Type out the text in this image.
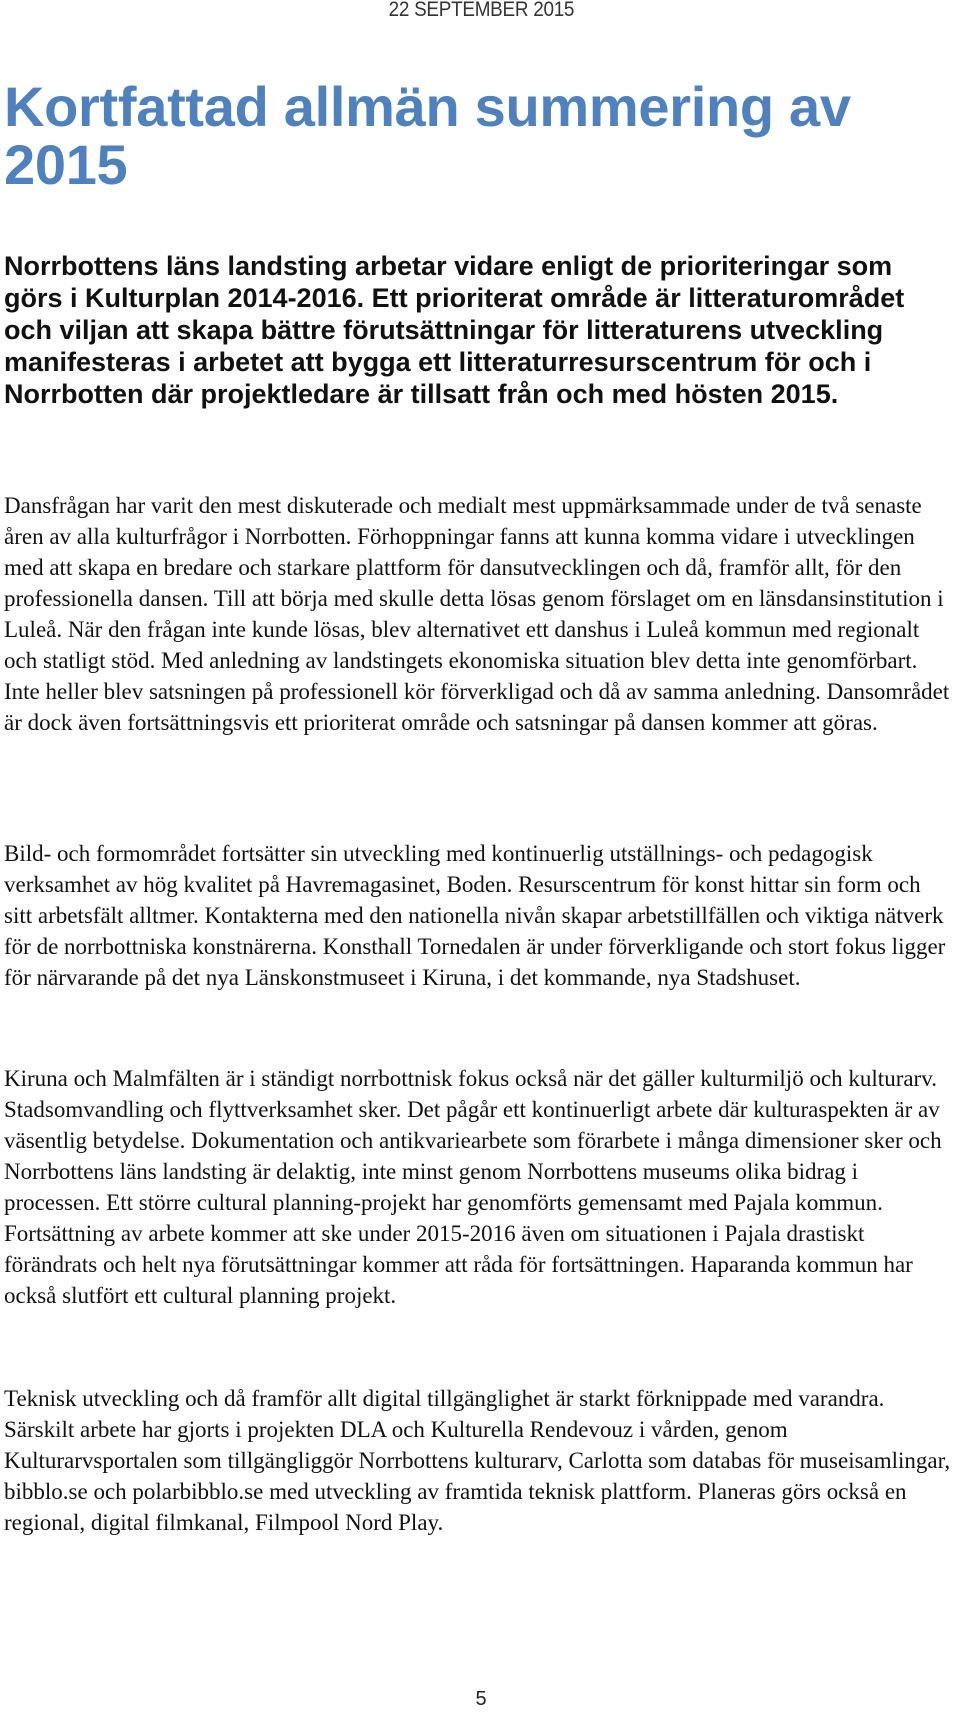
22 SEPTEMBER 2015
Kortfattad allmän summering av 2015

Norrbottens läns landsting arbetar vidare enligt de prioriteringar som görs i Kulturplan 2014-2016. Ett prioriterat område är litteraturområdet och viljan att skapa bättre förutsättningar för litteraturens utveckling manifesteras i arbetet att bygga ett litteraturresurscentrum för och i Norrbotten där projektledare är tillsatt från och med hösten 2015.

Dansfrågan har varit den mest diskuterade och medialt mest uppmärksammade under de två senaste åren av alla kulturfrågor i Norrbotten. Förhoppningar fanns att kunna komma vidare i utvecklingen med att skapa en bredare och starkare plattform för dansutvecklingen och då, framför allt, för den professionella dansen. Till att börja med skulle detta lösas genom förslaget om en länsdansinstitution i Luleå. När den frågan inte kunde lösas, blev alternativet ett danshus i Luleå kommun med regionalt och statligt stöd. Med anledning av landstingets ekonomiska situation blev detta inte genomförbart. Inte heller blev satsningen på professionell kör förverkligad och då av samma anledning. Dansområdet är dock även fortsättningsvis ett prioriterat område och satsningar på dansen kommer att göras.

Bild- och formområdet fortsätter sin utveckling med kontinuerlig utställnings- och pedagogisk verksamhet av hög kvalitet på Havremagasinet, Boden. Resurscentrum för konst hittar sin form och sitt arbetsfält alltmer. Kontakterna med den nationella nivån skapar arbetstillfällen och viktiga nätverk för de norrbottniska konstnärerna. Konsthall Tornedalen är under förverkligande och stort fokus ligger för närvarande på det nya Länskonstmuseet i Kiruna, i det kommande, nya Stadshuset.

Kiruna och Malmfälten är i ständigt norrbottnisk fokus också när det gäller kulturmiljö och kulturarv. Stadsomvandling och flyttverksamhet sker. Det pågår ett kontinuerligt arbete där kulturaspekten är av väsentlig betydelse. Dokumentation och antikvariearbete som förarbete i många dimensioner sker och Norrbottens läns landsting är delaktig, inte minst genom Norrbottens museums olika bidrag i processen. Ett större cultural planning-projekt har genomförts gemensamt med Pajala kommun. Fortsättning av arbete kommer att ske under 2015-2016 även om situationen i Pajala drastiskt förändrats och helt nya förutsättningar kommer att råda för fortsättningen. Haparanda kommun har också slutfört ett cultural planning projekt.

Teknisk utveckling och då framför allt digital tillgänglighet är starkt förknippade med varandra. Särskilt arbete har gjorts i projekten DLA och Kulturella Rendevouz i vården, genom Kulturarvsportalen som tillgängliggör Norrbottens kulturarv, Carlotta som databas för museisamlingar, bibblo.se och polarbibblo.se med utveckling av framtida teknisk plattform. Planeras görs också en regional, digital filmkanal, Filmpool Nord Play.

5
